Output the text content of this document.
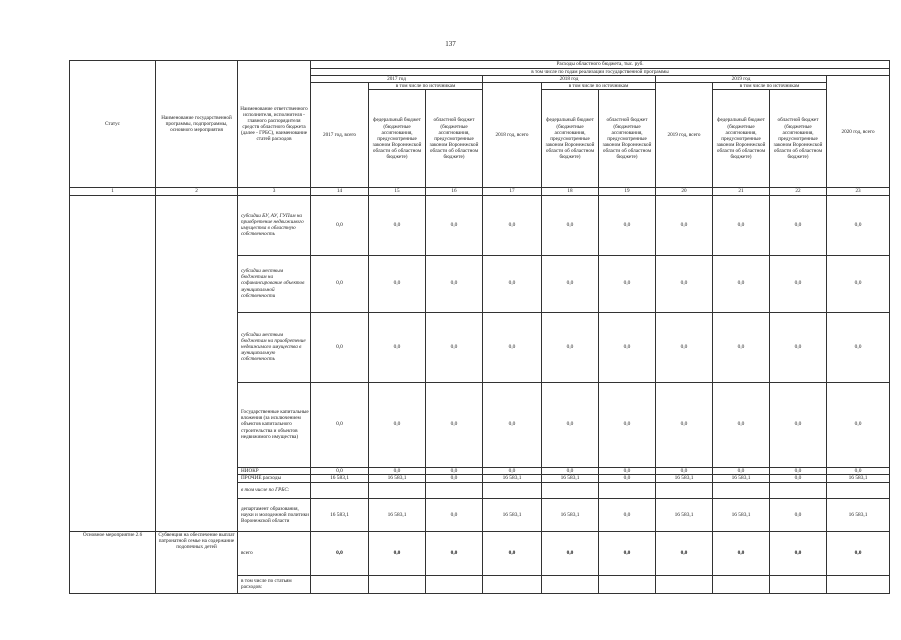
137
Статус	Наименование государственной программы, подпрограммы, основного мероприятия	Наименование ответственного исполнителя, исполнителя - главного распорядителя средств областного бюджета (далее - ГРБС), наименование статей расходов	Расходы областного бюджета, тыс. руб.									
			в том числе по годам реализации государственной программы									
			2017 год			2018 год			2019 год			2020 год, всего
			2017 год, всего	в том числе по источникам		2018 год, всего	в том числе по источникам		2019 год, всего	в том числе по источникам		
				федеральный бюджет (бюджетные ассигнования, предусмотренные законом Воронежской области об областном бюджете)	областной бюджет (бюджетные ассигнования, предусмотренные законом Воронежской области об областном бюджете)		федеральный бюджет (бюджетные ассигнования, предусмотренные законом Воронежской области об областном бюджете)	областной бюджет (бюджетные ассигнования, предусмотренные законом Воронежской области об областном бюджете)		федеральный бюджет (бюджетные ассигнования, предусмотренные законом Воронежской области об областном бюджете)	областной бюджет (бюджетные ассигнования, предусмотренные законом Воронежской области об областном бюджете)	
1	2	3	14	15	16	17	18	19	20	21	22	23
		субсидии БУ, АУ, ГУПам на приобретение недвижимого имущества в областную собственность	0,0	0,0	0,0	0,0	0,0	0,0	0,0	0,0	0,0	0,0
		субсидии местным бюджетам на софинансирование объектов муниципальной собственности	0,0	0,0	0,0	0,0	0,0	0,0	0,0	0,0	0,0	0,0
		субсидии местным бюджетам на приобретение недвижимого имущества в муниципальную собственность	0,0	0,0	0,0	0,0	0,0	0,0	0,0	0,0	0,0	0,0
		Государственные капитальные вложения (за исключением объектов капитального строительства и объектов недвижимого имущества)	0,0	0,0	0,0	0,0	0,0	0,0	0,0	0,0	0,0	0,0
		НИОКР	0,0	0,0	0,0	0,0	0,0	0,0	0,0	0,0	0,0	0,0
		ПРОЧИЕ расходы	16 583,1	16 583,1	0,0	16 583,1	16 583,1	0,0	16 583,1	16 583,1	0,0	16 583,1
		в том числе по ГРБС:										
		департамент образования, науки и молодежной политики Воронежской области	16 583,1	16 583,1	0,0	16 583,1	16 583,1	0,0	16 583,1	16 583,1	0,0	16 583,1
Основное мероприятие 2.6	Субвенция на обеспечение выплат патронатной семье на содержание подопечных детей	всего	0,0	0,0	0,0	0,0	0,0	0,0	0,0	0,0	0,0	0,0
		в том числе по статьям расходов:										
